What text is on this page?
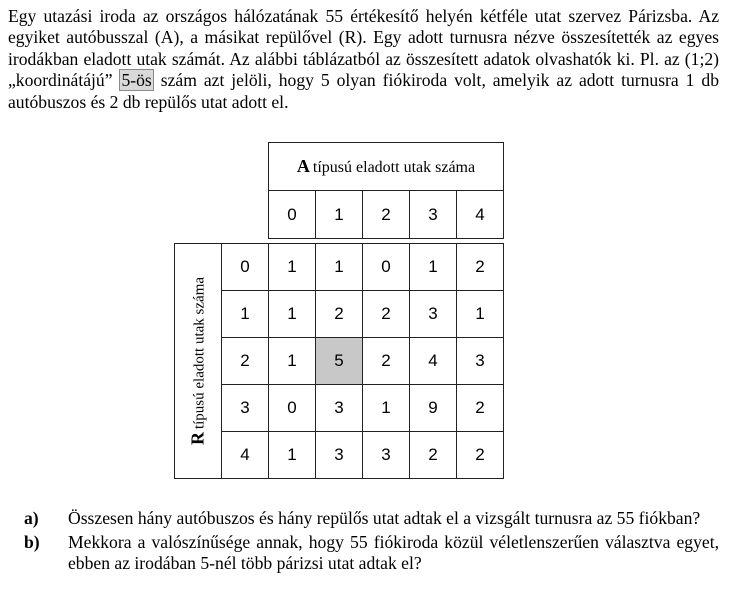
Egy utazási iroda az országos hálózatának 55 értékesítő helyén kétféle utat szervez Párizsba. Az egyiket autóbusszal (A), a másikat repülővel (R). Egy adott turnusra nézve összesítették az egyes irodákban eladott utak számát. Az alábbi táblázatból az összesített adatok olvashatók ki. Pl. az (1;2) „koordinátájú” 5-ös szám azt jelöli, hogy 5 olyan fiókiroda volt, amelyik az adott turnusra 1 db autóbuszos és 2 db repülős utat adott el.
		A típusú eladott utak száma				
		0	1	2	3	4

Rtípusú eladott utak száma	0	1	1	0	1	2
	1	1	2	2	3	1
	2	1	5	2	4	3
	3	0	3	1	9	2
	4	1	3	3	2	2
a)	Összesen hány autóbuszos és hány repülős utat adtak el a vizsgált turnusra az 55 fiókban?
b)	Mekkora a valószínűsége annak, hogy 55 fiókiroda közül véletlenszerűen választva egyet, ebben az irodában 5-nél több párizsi utat adtak el?
